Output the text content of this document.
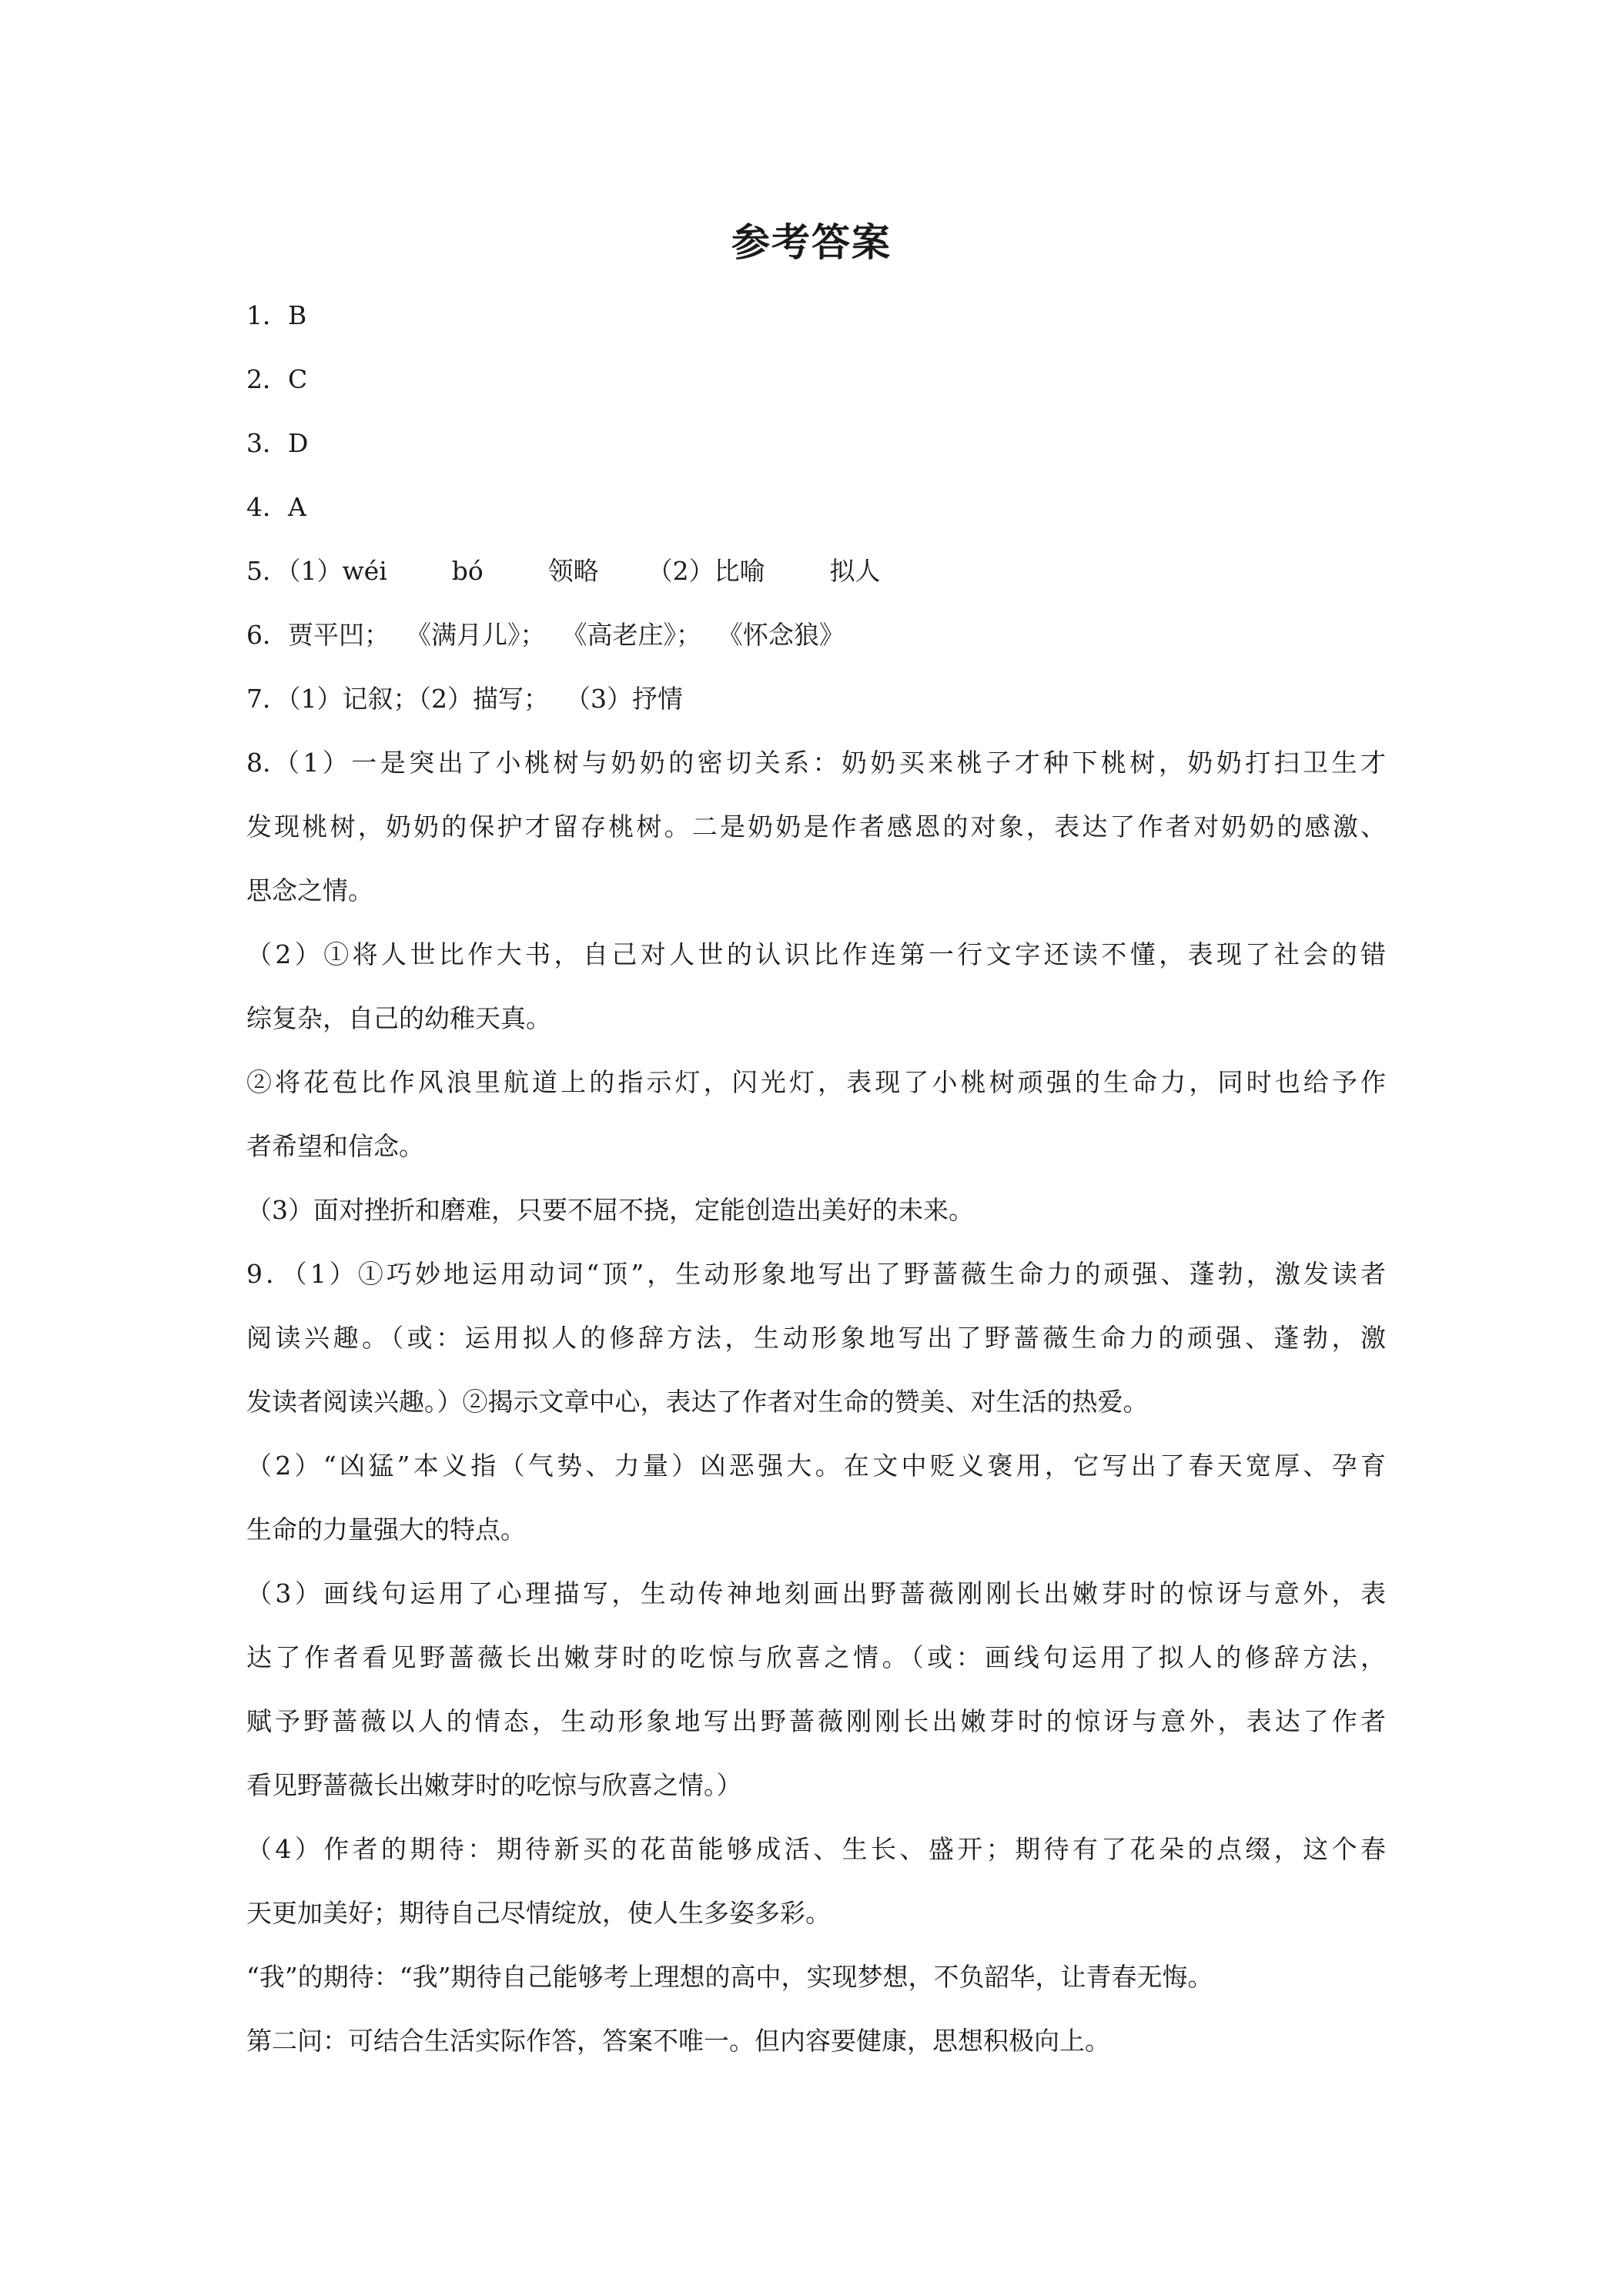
参考答案
1．B
2．C
3．D
4．A
5．（1）wéi        bó        领略      （2）比喻        拟人
6．贾平凹；  《满月儿》；  《高老庄》；  《怀念狼》
7．（1）记叙；（2）描写；  （3）抒情
8.（1）一是突出了小桃树与奶奶的密切关系：奶奶买来桃子才种下桃树，奶奶打扫卫生才
发现桃树，奶奶的保护才留存桃树。二是奶奶是作者感恩的对象，表达了作者对奶奶的感激、
思念之情。
（2）①将人世比作大书，自己对人世的认识比作连第一行文字还读不懂，表现了社会的错
综复杂，自己的幼稚天真。
②将花苞比作风浪里航道上的指示灯，闪光灯，表现了小桃树顽强的生命力，同时也给予作
者希望和信念。
（3）面对挫折和磨难，只要不屈不挠，定能创造出美好的未来。
9．（1）①巧妙地运用动词“顶”，生动形象地写出了野蔷薇生命力的顽强、蓬勃，激发读者
阅读兴趣。（或：运用拟人的修辞方法，生动形象地写出了野蔷薇生命力的顽强、蓬勃，激
发读者阅读兴趣。）②揭示文章中心，表达了作者对生命的赞美、对生活的热爱。
（2）“凶猛”本义指（气势、力量）凶恶强大。在文中贬义褒用，它写出了春天宽厚、孕育
生命的力量强大的特点。
（3）画线句运用了心理描写，生动传神地刻画出野蔷薇刚刚长出嫩芽时的惊讶与意外，表
达了作者看见野蔷薇长出嫩芽时的吃惊与欣喜之情。（或：画线句运用了拟人的修辞方法，
赋予野蔷薇以人的情态，生动形象地写出野蔷薇刚刚长出嫩芽时的惊讶与意外，表达了作者
看见野蔷薇长出嫩芽时的吃惊与欣喜之情。）
（4）作者的期待：期待新买的花苗能够成活、生长、盛开；期待有了花朵的点缀，这个春
天更加美好；期待自己尽情绽放，使人生多姿多彩。
“我”的期待：“我”期待自己能够考上理想的高中，实现梦想，不负韶华，让青春无悔。
第二问：可结合生活实际作答，答案不唯一。但内容要健康，思想积极向上。
